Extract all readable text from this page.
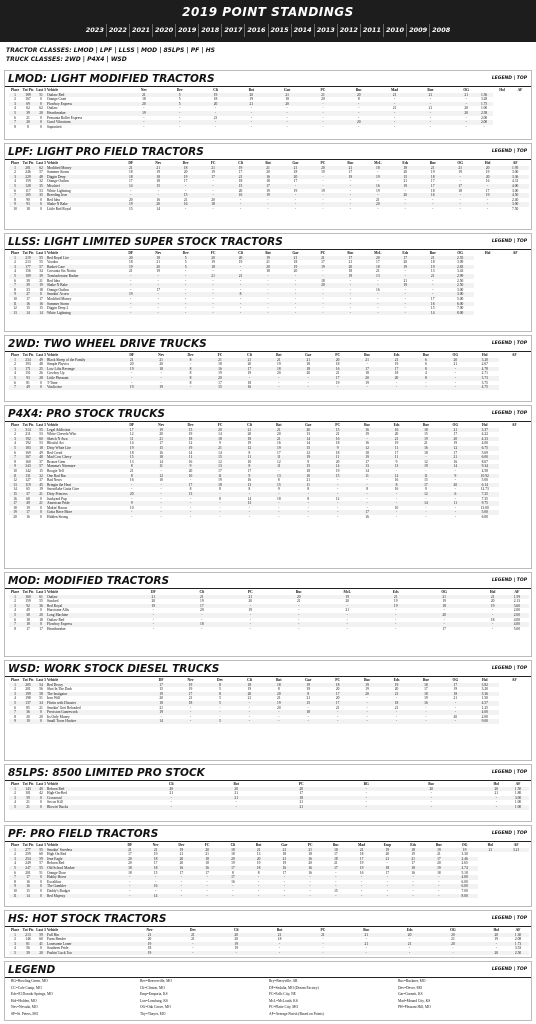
2019 POINT STANDINGS
2023 2022 2021 2020 2019 2018 2017 2016 2015 2014 2013 2012 2011 2010 2009 2008
TRACTOR CLASSES: LMOD | LPF | LLSS | MOD | 85LPS | PF | HS
TRUCK CLASSES: 2WD | P4X4 | WSD
LMOD: LIGHT MODIFIED TRACTORS	LEGEND | TOP
Place	Tot Pts	Last 3	Vehicle		Nev		Dev		Cli		Bot		Gar		PC		Buc		Mad		Bue		OG		Hol	AF
1	189	51	Outlaw Red		21		5		19		20		21		21		20		21		21		21	1.56		
2	167	0	Orange Crate		18		5		18		19		18		20		8		-		-		-	3.28		
3	69	0	Flowboy Express		20		5		20		21		20		-		-		-		-		-	1.75		
4	62	62	Outlaw		-		-		-		-		-		-		-		21		21		20	1.00		
5	39	20	Heartbreaker		19		-		-		-		-		-		-		-		-		20	2.58		
6	21	0	Pensonia Roller Express		-		-		21		-		-		-		-		-		-		-	2.00		
7	20	0	Good Vibrations		-		-		-		-		-		-		20		-		-		-	2.00		
8	8	0	Saponitett		-		-		-		-		-		-		-		-		-		-	-		
LPF: LIGHT PRO FIELD TRACTORS	LEGEND | TOP
Place	Tot Pts	Last 3	Vehicle	DF	Nev	Dev	FC	Cli	Bot	Gar	PC	Buc	McL	Eds	Bue	OG	Hol	AF
1	281	62	Modified Money	21	21	18	21	19	21	21	20	21	18	18	21	21	20	1.95
2	246	57	Summer Storm	18	19	20	19	17	20	18	19	17	-	20	19	19	19	3.00
3	229	48	Diggin Deep	18	18	19	17	21	16	20	-	19	19	15	18	-	20	3.36
4	159	32	Orange Outlaw	17	18	17	-	18	18	17	-	-	-	21	17	-	16	4.31
5	128	35	Mischief	14	15	-	-	15	17	-	-	-	16	19	17	17	-	4.00
6	117	53	White Lightning	-	-	-	-	20	19	19	19	-	19	-	18	18	17	3.00
7	105	35	Breeding Iron	-	-	15	-	16	19	-	-	-	-	20	16	-	19	4.50
8	90	0	Red Idea	20	16	21	20	-	-	-	-	-	21	-	-	-	-	2.40
9	93	0	Shake N Bake	19	20	16	18	-	-	-	-	-	20	-	-	-	-	3.00
10	18	0	Little Red Royal	15	14	-	-	-	-	-	-	-	-	-	-	-	-	7.50
LLSS: LIGHT LIMITED SUPER STOCK TRACTORS	LEGEND | TOP
Place	Tot Pts	Last 3	Vehicle	DF	Nev	Dev	FC	Cli	Bot	Gar	PC	Buc	McL	Eds	Bue	OG	Hol	AF
1	219	55	Red Royal Lite	20	18	5	20	20	19	21	21	17	20	17	21	2.55		
2	213	55	Voodoo	18	21	5	19	19	21	18	17	21	17	20	18	3.09		
3	177	57	Basket Case	19	20	5	18	-	20	19	19	20	18	19	19	2.83		
4	156	34	Corsonia Six Nottin	21	19	-	-	-	18	20	-	18	21	-	13	3.43		
5	109	39	Tomfoolerator Basher	-	-	-	21	21	-	-	-	19	13	-	21	2.99		
6	39	21	Red Idea	-	-	-	-	-	-	-	18	-	-	21	-	2.50		
7	39	19	Shake N Bake	-	-	-	-	-	-	-	20	-	-	19	-	2.50		
8	33	18	Orange Outlaw	-	17	-	-	-	-	-	-	-	16	-	-	3.00		
9	27	0	Smokin' Acorn	19	-	-	-	8	-	-	-	-	-	-	-	3.00		
10	17	17	Modified Money	-	-	-	-	-	-	-	-	-	-	-	17	5.00		
11	16	16	Summer Storm	-	-	-	-	-	-	-	-	-	-	-	16	6.00		
12	15	15	Diggin Deep 2	-	-	-	-	-	-	-	-	-	-	-	15	7.00		
13	14	14	White Lightning	-	-	-	-	-	-	-	-	-	-	-	14	8.00		
2WD: TWO WHEEL DRIVE TRUCKS	LEGEND | TOP
Place	Tot Pts	Last 3	Vehicle	DF	Nev	Dev	FC	Cli	Bot	Gar	PC	Buc	Eds	Bue	OG	Hol	AF
1	234	49	Black Sheep of the Family	21	21	8	21	21	21	21	20	21	21	6	20	3.20	
2	193	48	Simple Physics	20	20	-	18	20	19	18	18	-	19	6	21	2.67	
3	171	25	Low Lifts Revenge	19	18	8	16	17	18	18	16	17	17	8	-	4.78	
4	151	26	Cowboy Up	-	-	8	19	19	20	20	21	18	18	4	-	2.71	
5	93	28	Little Pheasant	-	-	8	20	-	-	-	17	20	20	8	-	3.73	
6	81	0	T-Time	-	-	8	17	18	-	-	19	19	-	-	-	3.75	
7	49	0	Vindictive	19	19	-	15	16	-	-	-	-	-	-	-	4.75	
P4X4: PRO STOCK TRUCKS	LEGEND | TOP
Place	Tot Pts	Last 3	Vehicle	DF	Nev	Dev	FC	Cli	Bot	Gar	PC	Buc	Eds	Bue	OG	Hol	AF
1	314	55	Legal Addiction	17	19	15	20	21	21	20	15	16	16	18	21	3.37	
2	211	53	White Chevela Who	12	20	19	14	20	20	13	21	19	20	15	17	4.22	
3	192	60	Sketch N Awa	11	21	18	18	18	21	14	16	-	21	19	20	4.33	
4	192	53	Blissful Art	14	17	12	9	19	16	14	18	16	19	21	19	4.00	
5	183	18	Dirty White Lite	19	15	19	21	12	19	15	9	12	11	16	12	6.75	
6	169	49	Red Creed	18	16	14	14	8	17	12	18	18	17	18	17	5.69	
7	167	48	Mad Cow Chevy	15	18	11	15	11	11	19	11	19	11	-	21	6.00	
8	160	37	Bronze Gem	13	14	16	12	10	12	9	20	17	9	12	16	8.67	
9	343	57	Mamma's Nitemare	8	11	9	13	8	11	15	14	13	13	19	14	9.34	
10	142	15	Boogie Tell	21	-	20	17	17	-	18	19	14	-	-	-	4.58	
11	131	32	One Bad Bar	8	12	10	11	9	13	10	15	11	12	11	9	10.92	
12	127	37	Bad News	16	10	-	19	16	8	21	-	-	16	15	-	5.00	
13	119	45	Bringin the Heat	-	-	17	18	13	15	11	-	-	8	17	20	6.14	
14	65	19	Snowflake Gotta Give	-	-	8	8	8	9	8	-	8	16	9	-	12.73	
15	37	21	Dirty Princess	20	-	13	-	-	-	-	-	-	-	12	6	7.25	
16	68	0	Junkyard Pup	-	-	-	8	14	18	8	12	-	-	-	-	7.35	
17	49	21	American Pride	9	-	-	-	13	-	-	-	-	-	14	11	9.75	
18	19	0	Makin' Bacon	10	-	-	-	-	-	-	-	-	10	-	-	13.00	
19	17	0	Gotta Have More	-	-	-	-	-	-	-	-	17	-	-	-	5.00	
20	16	0	Hidden Strong	-	-	-	-	-	-	-	-	16	-	-	-	6.00	
MOD: MODIFIED TRACTORS	LEGEND | TOP
Place	Tot Pts	Last 3	Vehicle		DF		Cli		PC		Buc		McL		Eds		OG		Hol	AF
1	160	61	Outlaw		21		21		21		20		19		21		21		21	1.59
2	159	55	Stacked		20		19		20		21		20		19		19		20	2.13
3	92	36	Red Royal		19		17		-		-		-		19		18		19	3.60
4	49	0	Hurricane Allis		-		20		19		-		21		-		-		-	2.00
5	38	20	Long Machine		-		-		-		-		-		-		20		-	2.00
6	18	18	Outlaw Red		-		-		-		-		-		-		-		18	4.00
7	18	0	Flowboy Express		-		18		-		-		-		-		-		-	4.00
8	17	17	Heartbreaker		-		-		-		-		-		-		17		-	5.00
WSD: WORK STOCK DIESEL TRUCKS	LEGEND | TOP
Place	Tot Pts	Last 3	Vehicle		DF	Nev	Dev	Cli	Bot	Gar	PC	Buc	Eds	Bue	OG	Hol	AF
1	205	54	Red Decoy		17	19	8	18	18	19	18	19	19	18	17	3.82	
2	201	56	Shot In The Dark		15	19	5	19	8	19	20	19	20	17	19	3.20	
3	199	58	The Instigator		19	17	8	20	20	8	17	20	21	18	18	3.36	
4	198	51	Iron Will		20	21	5	21	21	21	20	-	-	19	21	1.50	
5	137	34	Flirtin with Disaster		18	18	5	-	19	15	17	-	18	16	-	4.57	
6	85	21	Smokin' Gret Reloaded		21	-	-	-	20	-	21	-	21	-	-	1.25	
7	36	0	Precision Gunrework		19	-	-	-	-	18	-	-	-	-	-	4.00	
8	20	20	Its Only Money		-	-	-	-	-	-	-	-	-	-	20	2.00	
9	19	0	Small Town Hooker		14	-	5	-	-	-	-	-	-	-	-	9.00	
85LPS: 8500 LIMITED PRO STOCK	LEGEND | TOP
Place	Tot Pts	Last 3	Vehicle			Cli			Bot			PC			BG			Buc			Hol	AF
1	143	40	Reborn Red			20			20			20			-			20			20	1.50
2	101	42	High-On-Red			21			21			17			-			-			21	1.80
3	59	0	Crossroad			-			21			18			-			-			-	3.00
4	21	0	Set on Kill			-			-			21			-			-			-	1.00
5	21	0	Blowin' Bucks			-			-			21			-			-			-	1.00
PF: PRO FIELD TRACTORS	LEGEND | TOP
Place	Tot Pts	Last 3	Vehicle	DF	Nev	Dev	FC	Cli	Bot	Gar	PC	Buc	Mad	Emp	Eds	Bue	OG	Hol	AF
1	277	55	Smokin' Swedess	21	21	19	20	18	21	21	21	18	21	19	18	19	19	21	3.21
2	259	60	High On Red	17	19	21	21	18	13	18	18	17	18	20	19	21	3.30		
3	254	59	Jene Eagle	20	18	20	18	20	20	21	16	18	17	21	21	17	2.46		
4	249	57	Reborn Red	20	17	20	18	19	19	19	20	21	19	-	17	20	2.65		
5	247	55	Old School Marker	18	18	16	16	17	18	16	16	17	19	18	18	19	2.74		
6	201	51	Orange Door	18	15	17	17	8	8	17	16	-	16	17	16	18	5.18		
7	17	0	Hubby Horse	-	-	-	-	17	-	-	-	-	-	-	-	-	4.00		
8	16	0	Excalibur	-	-	-	-	16	-	-	-	-	-	-	-	-	6.00		
9	16	0	The Gambler	-	16	-	-	-	-	-	-	-	-	-	-	-	6.00		
10	15	0	Daddy's Budget	-	-	-	-	-	-	-	-	15	-	-	-	-	7.00		
11	14	0	Red Majesty	-	14	-	-	-	-	-	-	-	-	-	-	-	8.00		
HS: HOT STOCK TRACTORS	LEGEND | TOP
Place	Tot Pts	Last 3	Vehicle		Nev		Dev		Cli		Bot		PC		Buc		Eds		OG		Hol	AF
1	213	59	Full Bin		21		21		20		21		21		21		20		20		20	1.30
2	146	60	Farm Bender		20		21		20		18		-		-		-		21		19	2.08
3	81	41	Lonesome Loner		19		-		19		-		-		21		21		20		-	1.73
4	56	0	Southern Pride		18		-		19		-		-		-		-		-		-	3.53
5	39	20	Pushin' Luck Too		19		-		-		-		-		-		-		-		20	2.50
LEGEND	LEGEND | TOP
BG=Bowling Green, MO	Bev=Beaverville, MO	Bry=Berryville, AR	Buc=Buckner, MO
CC=Cole Camp, MO	Cli=Clinton, MO	DF=Sedalia, MO (Dream Factory)	Dev=Dever, MO
Eds=El Dorado Springs, MO	Emp=Emporia, KS	FC=Falls City, NE	Gar=Garnett, KS
Hol=Holden, MO	Lon=Lonsburg, KS	McL=McLouth, KS	Mad=Mound City, KS
Nev=Nevada, MO	OG=Oak Grove, MO	PC=Platte City, MO	PH=Pleasant Hill, MO
SP=St. Peters, MO	Thy=Thayer, MO	AF=Average Finish (Based on Points)
